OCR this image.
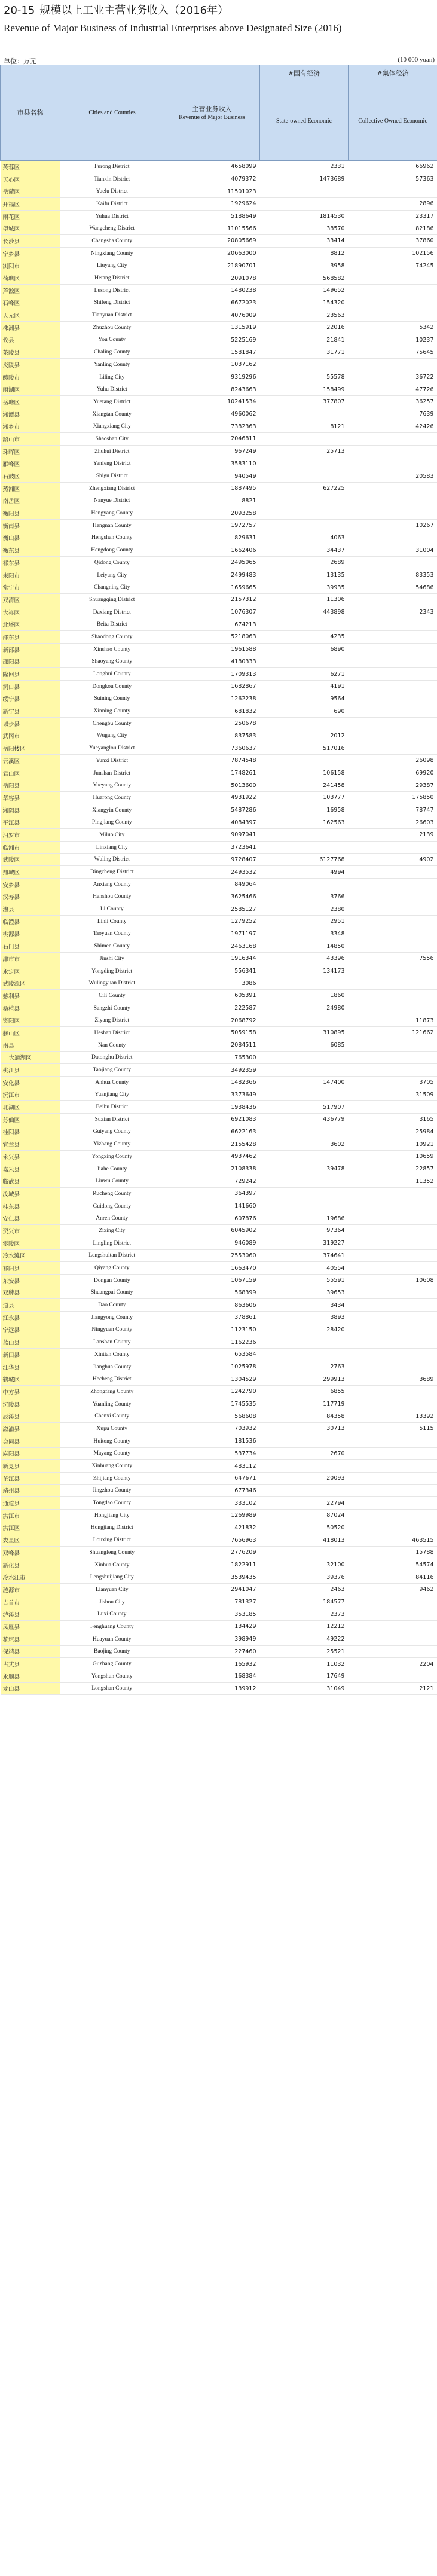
20-15 规模以上工业主营业务收入（2016年）
Revenue of Major Business of Industrial Enterprises above Designated Size (2016)
单位：万元	(10 000 yuan)
市县名称	Cities and Counties	主营业务收入
Revenue of Major Business	#国有经济	#集体经济

			State-owned Economic	Collective Owned Economic

芙蓉区	Furong District	4658099	2331	66962
天心区	Tianxin District	4079372	1473689	57363
岳麓区	Yuelu District	11501023		
开福区	Kaifu District	1929624		2896
雨花区	Yuhua District	5188649	1814530	23317
望城区	Wangcheng District	11015566	38570	82186
长沙县	Changsha County	20805669	33414	37860
宁乡县	Ningxiang County	20663000	8812	102156
浏阳市	Liuyang City	21890701	3958	74245
荷塘区	Hetang District	2091078	568582	
芦淞区	Lusong District	1480238	149652	
石峰区	Shifeng District	6672023	154320	
天元区	Tianyuan District	4076009	23563	
株洲县	Zhuzhou County	1315919	22016	5342
攸县	You County	5225169	21841	10237
茶陵县	Chaling County	1581847	31771	75645
炎陵县	Yanling County	1037162		
醴陵市	Liling City	9319296	55578	36722
雨湖区	Yuhu District	8243663	158499	47726
岳塘区	Yuetang District	10241534	377807	36257
湘潭县	Xiangtan County	4960062		7639
湘乡市	Xiangxiang City	7382363	8121	42426
韶山市	Shaoshan City	2046811		
珠晖区	Zhuhui District	967249	25713	
雁峰区	Yanfeng District	3583110		
石鼓区	Shigu District	940549		20583
蒸湘区	Zhengxiang District	1887495	627225	
南岳区	Nanyue District	8821		
衡阳县	Hengyang County	2093258		
衡南县	Hengnan County	1972757		10267
衡山县	Hengshan County	829631	4063	
衡东县	Hengdong County	1662406	34437	31004
祁东县	Qidong County	2495065	2689	
耒阳市	Leiyang City	2499483	13135	83353
常宁市	Changning City	1659665	39935	54686
双清区	Shuangqing District	2157312	11306	
大祥区	Daxiang District	1076307	443898	2343
北塔区	Beita District	674213		
邵东县	Shaodong County	5218063	4235	
新邵县	Xinshao County	1961588	6890	
邵阳县	Shaoyang County	4180333		
隆回县	Longhui County	1709313	6271	
洞口县	Dongkou County	1682867	4191	
绥宁县	Suining County	1262238	9564	
新宁县	Xinning County	681832	690	
城步县	Chengbu County	250678		
武冈市	Wugang City	837583	2012	
岳阳楼区	Yueyanglou District	7360637	517016	
云溪区	Yunxi District	7874548		26098
君山区	Junshan District	1748261	106158	69920
岳阳县	Yueyang County	5013600	241458	29387
华容县	Huarong County	4931922	103777	175850
湘阴县	Xiangyin County	5487286	16958	78747
平江县	Pingjiang County	4084397	162563	26603
汨罗市	Miluo City	9097041		2139
临湘市	Linxiang City	3723641		
武陵区	Wuling District	9728407	6127768	4902
鼎城区	Dingcheng District	2493532	4994	
安乡县	Anxiang County	849064		
汉寿县	Hanshou County	3625466	3766	
澧县	Li County	2585127	2380	
临澧县	Linli County	1279252	2951	
桃源县	Taoyuan County	1971197	3348	
石门县	Shimen County	2463168	14850	
津市市	Jinshi City	1916344	43396	7556
永定区	Yongding District	556341	134173	
武陵源区	Wulingyuan District	3086		
慈利县	Cili County	605391	1860	
桑植县	Sangzhi County	222587	24980	
资阳区	Ziyang District	2068792		11873
赫山区	Heshan District	5059158	310895	121662
南县	Nan County	2084511	6085	
大通湖区	Datonghu District	765300		
桃江县	Taojiang County	3492359		
安化县	Anhua County	1482366	147400	3705
沅江市	Yuanjiang City	3373649		31509
北湖区	Beihu District	1938436	517907	
苏仙区	Suxian District	6921083	436779	3165
桂阳县	Guiyang County	6622163		25984
宜章县	Yizhang County	2155428	3602	10921
永兴县	Yongxing County	4937462		10659
嘉禾县	Jiahe County	2108338	39478	22857
临武县	Linwu County	729242		11352
汝城县	Rucheng County	364397		
桂东县	Guidong County	141660		
安仁县	Anren County	607876	19686	
资兴市	Zixing City	6045902	97364	
零陵区	Lingling District	946089	319227	
冷水滩区	Lengshuitan District	2553060	374641	
祁阳县	Qiyang County	1663470	40554	
东安县	Dongan County	1067159	55591	10608
双牌县	Shuangpai County	568399	39653	
道县	Dao County	863606	3434	
江永县	Jiangyong County	378861	3893	
宁远县	Ningyuan County	1123150	28420	
蓝山县	Lanshan County	1162236		
新田县	Xintian County	653584		
江华县	Jianghua County	1025978	2763	
鹤城区	Hecheng District	1304529	299913	3689
中方县	Zhongfang County	1242790	6855	
沅陵县	Yuanling County	1745535	117719	
辰溪县	Chenxi County	568608	84358	13392
溆浦县	Xupu County	703932	30713	5115
会同县	Huitong County	181536		
麻阳县	Mayang County	537734	2670	
新晃县	Xinhuang County	483112		
芷江县	Zhijiang County	647671	20093	
靖州县	Jingzhou County	677346		
通道县	Tongdao County	333102	22794	
洪江市	Hongjiang City	1269989	87024	
洪江区	Hongjiang District	421832	50520	
娄星区	Louxing District	7656963	418013	463515
双峰县	Shuangfeng County	2776209		15788
新化县	Xinhua County	1822911	32100	54574
冷水江市	Lengshuijiang City	3539435	39376	84116
涟源市	Lianyuan City	2941047	2463	9462
吉首市	Jishou City	781327	184577	
泸溪县	Luxi County	353185	2373	
凤凰县	Fenghuang County	134429	12212	
花垣县	Huayuan County	398949	49222	
保靖县	Baojing County	227460	25521	
古丈县	Guzhang County	165932	11032	2204
永顺县	Yongshun County	168384	17649	
龙山县	Longshan County	139912	31049	2121
